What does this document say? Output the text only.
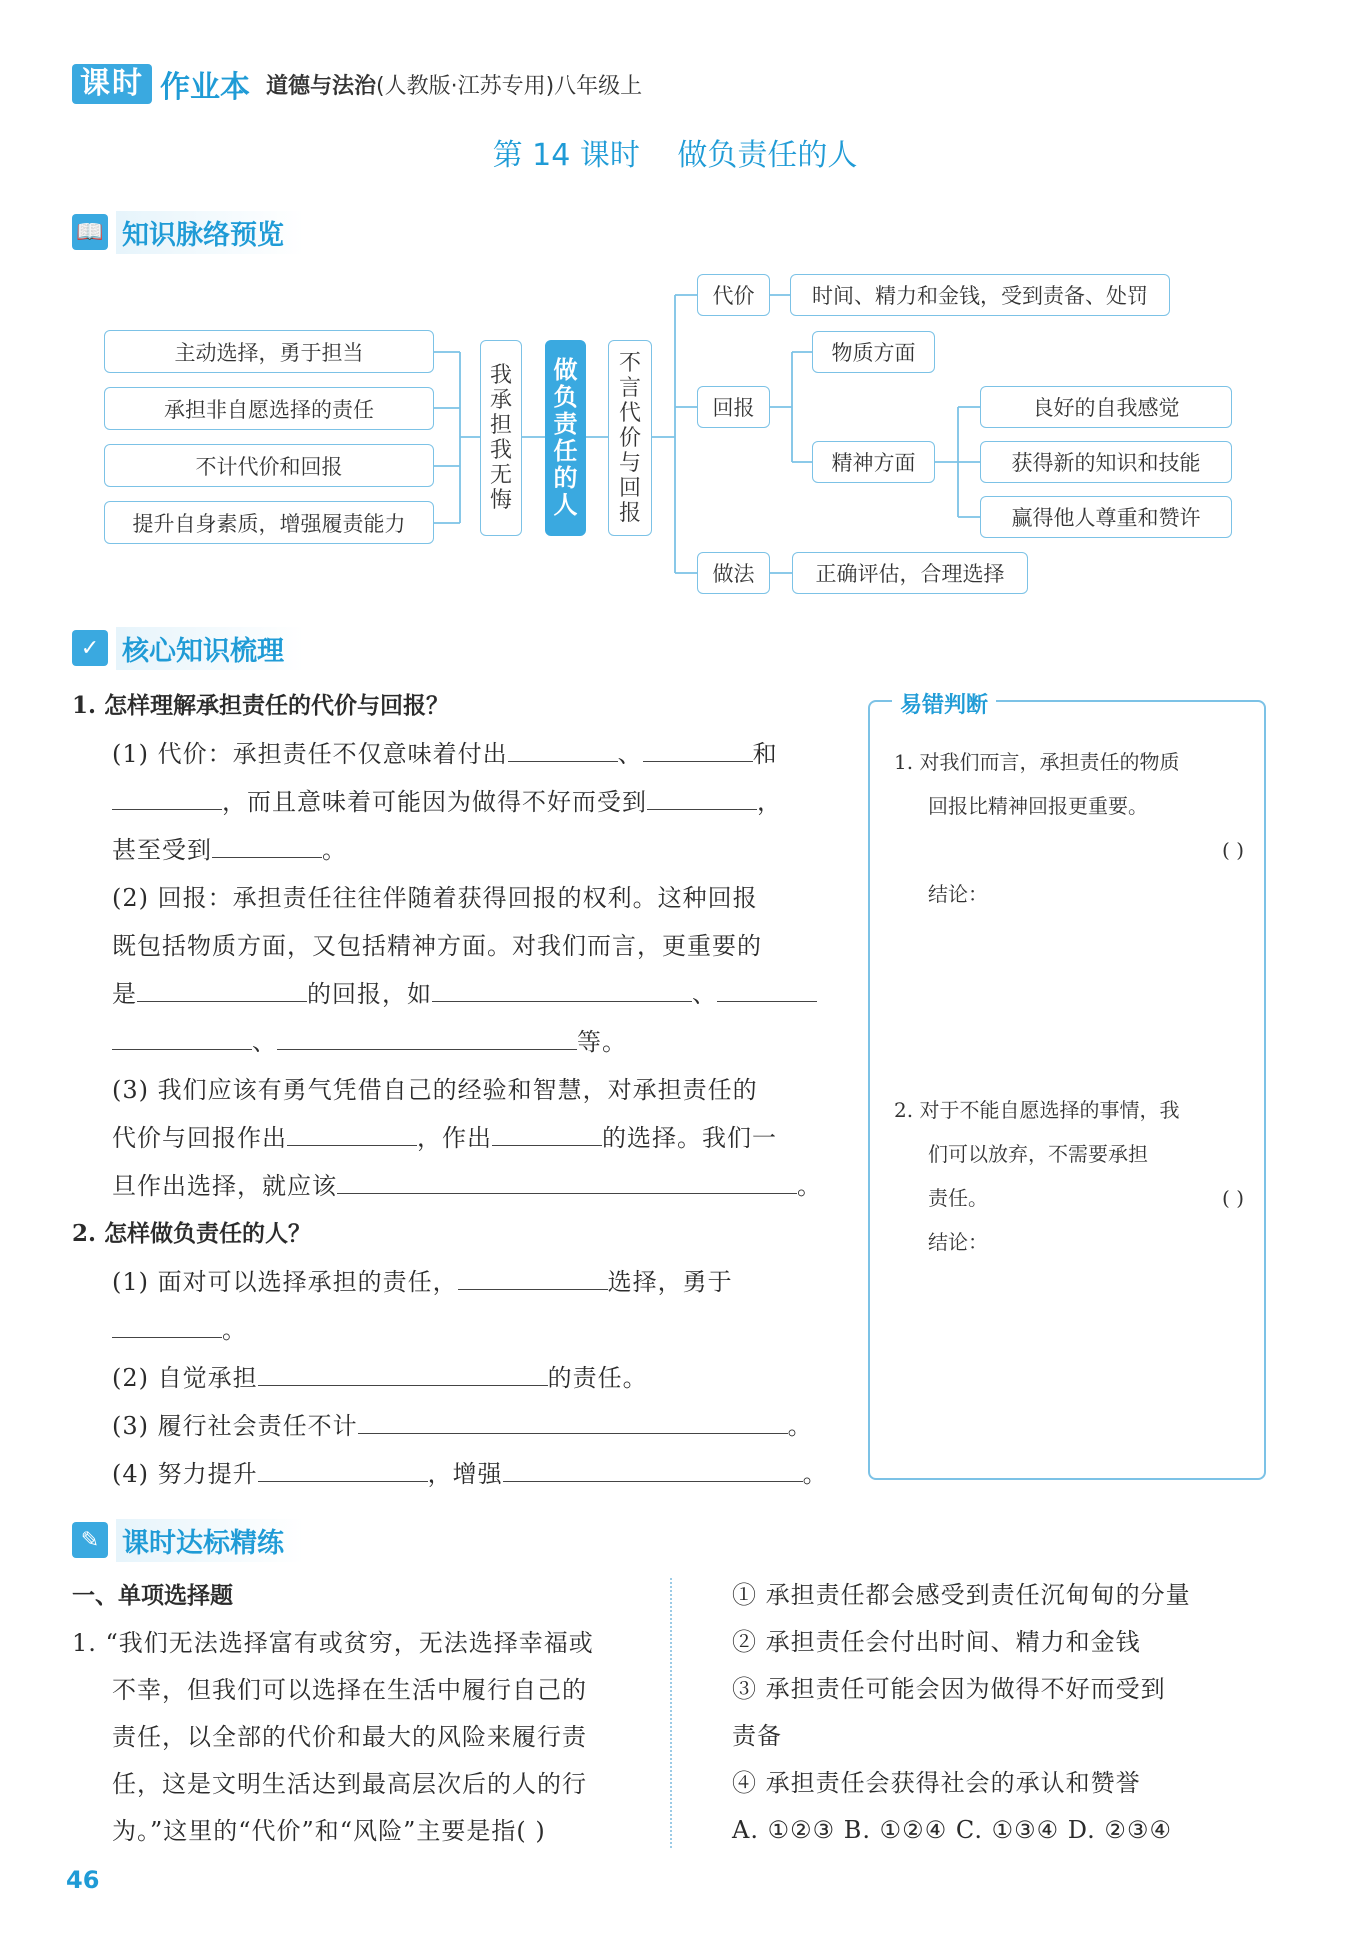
课时 作业本 道德与法治 (人教版·江苏专用)八年级上
第 14 课时 做负责任的人
📖 知识脉络预览
主动选择，勇于担当
承担非自愿选择的责任
不计代价和回报
提升自身素质，增强履责能力
我承担 我无悔
做负责任的人
不言代价与回报
代价	时间、精力和金钱，受到责备、处罚
回报
物质方面
精神方面
良好的自我感觉
获得新的知识和技能
赢得他人尊重和赞许
做法	正确评估，合理选择
✓ 核心知识梳理
1. 怎样理解承担责任的代价与回报？
(1) 代价：承担责任不仅意味着付出	、	和
，而且意味着可能因为做得不好而受到	，
甚至受到	。
(2) 回报：承担责任往往伴随着获得回报的权利。这种回报
既包括物质方面，又包括精神方面。对我们而言，更重要的
是	的回报，如	、
、	等。
(3) 我们应该有勇气凭借自己的经验和智慧，对承担责任的
代价与回报作出	，作出	的选择。我们一
旦作出选择，就应该	。
2. 怎样做负责任的人？
(1) 面对可以选择承担的责任，	选择，勇于
。
(2) 自觉承担	的责任。
(3) 履行社会责任不计	。
(4) 努力提升	，增强	。
易错判断
1. 对我们而言，承担责任的物质
回报比精神回报更重要。
( )
结论：
2. 对于不能自愿选择的事情，我
们可以放弃，不需要承担
责任。	( )
结论：
✎ 课时达标精练
一、单项选择题
1. “我们无法选择富有或贫穷，无法选择幸福或
不幸，但我们可以选择在生活中履行自己的
责任，以全部的代价和最大的风险来履行责
任，这是文明生活达到最高层次后的人的行
为。”这里的“代价”和“风险”主要是指( )
① 承担责任都会感受到责任沉甸甸的分量
② 承担责任会付出时间、精力和金钱
③ 承担责任可能会因为做得不好而受到
责备
④ 承担责任会获得社会的承认和赞誉
A. ①②③ B. ①②④ C. ①③④ D. ②③④
46
